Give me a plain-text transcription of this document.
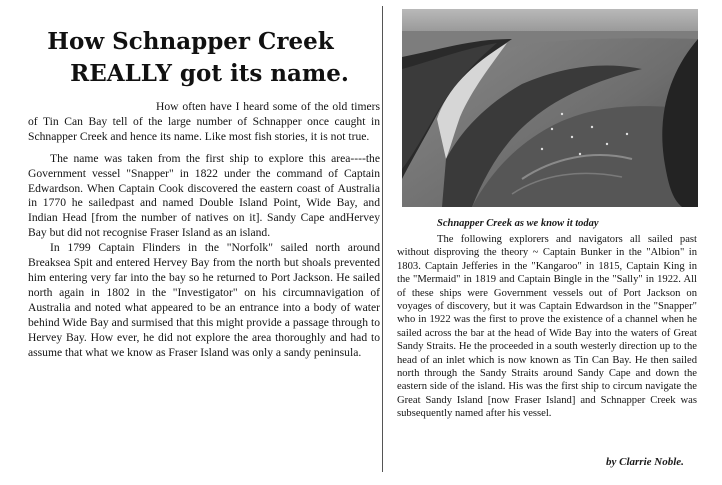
How Schnapper Creek
REALLY got its name.

How often have I heard some of the old timers of Tin Can Bay tell of the large number of Schnapper once caught in Schnapper Creek and hence its name. Like most fish stories, it is not true.

The name was taken from the first ship to explore this area----the Government vessel "Snapper" in 1822 under the command of Captain Edwardson. When Captain Cook discovered the eastern coast of Australia in 1770 he sailedpast and named Double Island Point, Wide Bay, and Indian Head [from the number of natives on it]. Sandy Cape andHervey Bay but did not recognise Fraser Island as an island.

In 1799 Captain Flinders in the "Norfolk" sailed north around Breaksea Spit and entered Hervey Bay from the north but shoals prevented him entering very far into the bay so he returned to Port Jackson. He sailed north again in 1802 in the "Investigator" on his circumnavigation of Australia and noted what appeared to be an entrance into a body of water behind Wide Bay and surmised that this might provide a passage through to Hervey Bay. How ever, he did not explore the area thoroughly and had to assume that what we know as Fraser Island was only a sandy peninsula.

Schnapper Creek as we know it today
The following explorers and navigators all sailed past without disproving the theory ~ Captain Bunker in the "Albion" in 1803. Captain Jefferies in the "Kangaroo" in 1815, Captain King in the "Mermaid" in 1819 and Captain Bingle in the "Sally" in 1922. All of these ships were Government vessels out of Port Jackson on voyages of discovery, but it was Captain Edwardson in the "Snapper" who in 1922 was the first to prove the existence of a channel when he sailed across the bar at the head of Wide Bay into the waters of Great Sandy Straits. He the proceeded in a south westerly direction up to the head of an inlet which is now known as Tin Can Bay. He then sailed north through the Sandy Straits around Sandy Cape and down the eastern side of the island. His was the first ship to circum navigate the Great Sandy Island [now Fraser Island] and Schnapper Creek was subsequently named after his vessel.
by Clarrie Noble.
